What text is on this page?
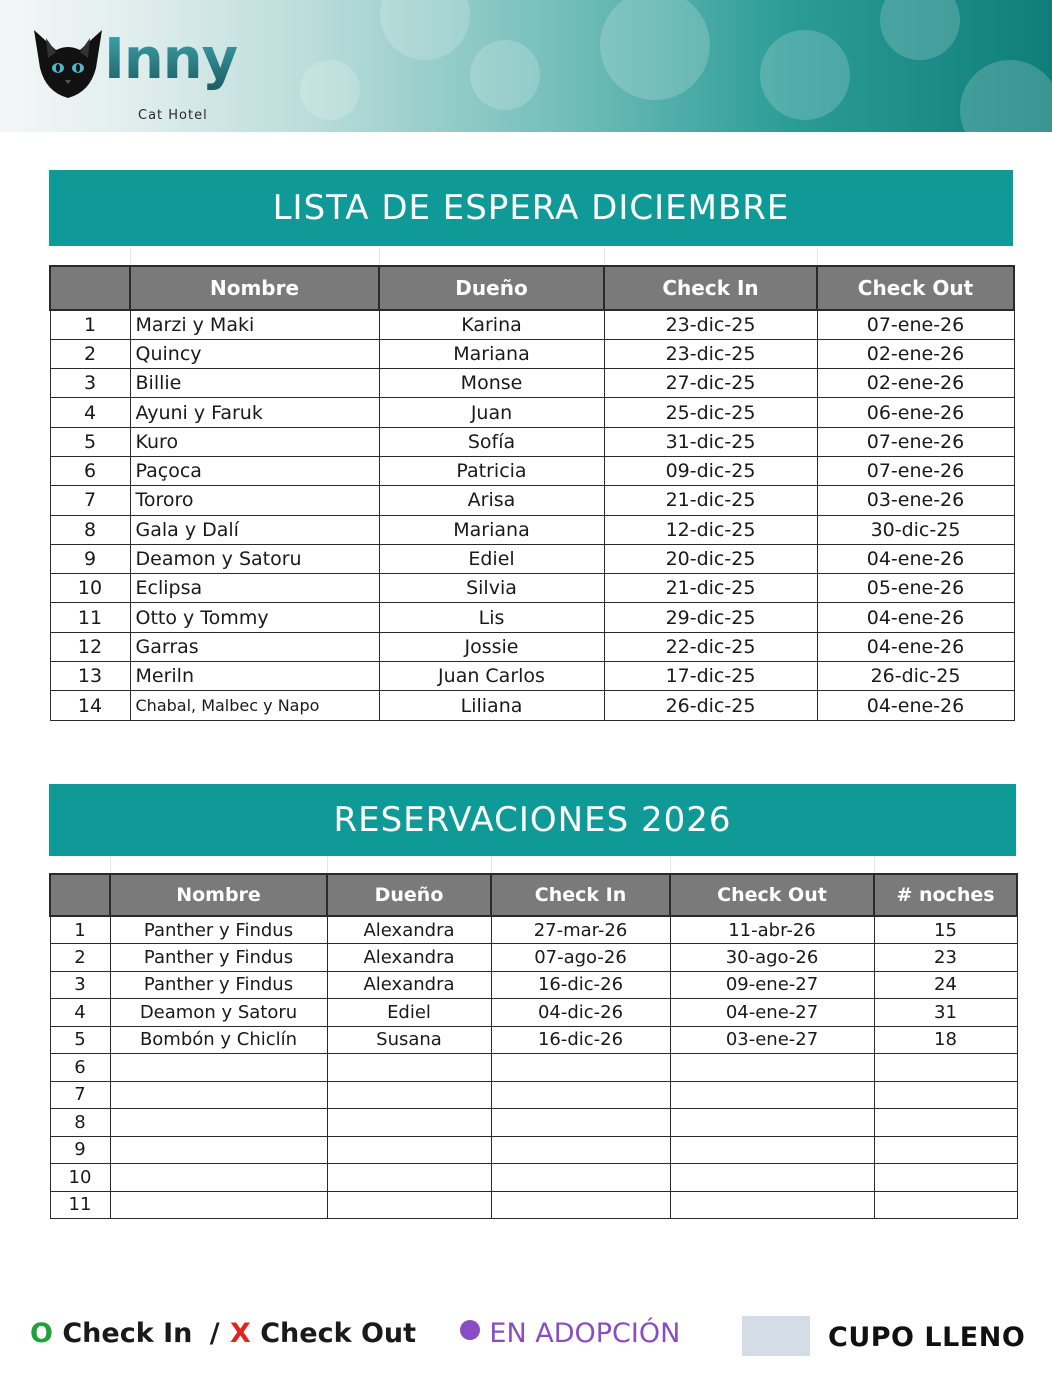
Inny
Cat Hotel
LISTA DE ESPERA DICIEMBRE

	Nombre	Dueño	Check In	Check Out
1	Marzi y Maki	Karina	23-dic-25	07-ene-26
2	Quincy	Mariana	23-dic-25	02-ene-26
3	Billie	Monse	27-dic-25	02-ene-26
4	Ayuni y Faruk	Juan	25-dic-25	06-ene-26
5	Kuro	Sofía	31-dic-25	07-ene-26
6	Paçoca	Patricia	09-dic-25	07-ene-26
7	Tororo	Arisa	21-dic-25	03-ene-26
8	Gala y Dalí	Mariana	12-dic-25	30-dic-25
9	Deamon y Satoru	Ediel	20-dic-25	04-ene-26
10	Eclipsa	Silvia	21-dic-25	05-ene-26
11	Otto y Tommy	Lis	29-dic-25	04-ene-26
12	Garras	Jossie	22-dic-25	04-ene-26
13	Meriln	Juan Carlos	17-dic-25	26-dic-25
14	Chabal, Malbec y Napo	Liliana	26-dic-25	04-ene-26
RESERVACIONES 2026

	Nombre	Dueño	Check In	Check Out	# noches
1	Panther y Findus	Alexandra	27-mar-26	11-abr-26	15
2	Panther y Findus	Alexandra	07-ago-26	30-ago-26	23
3	Panther y Findus	Alexandra	16-dic-26	09-ene-27	24
4	Deamon y Satoru	Ediel	04-dic-26	04-ene-27	31
5	Bombón y Chiclín	Susana	16-dic-26	03-ene-27	18
6					
7					
8					
9					
10					
11					
O Check In / X Check Out	EN ADOPCIÓN	CUPO LLENO
